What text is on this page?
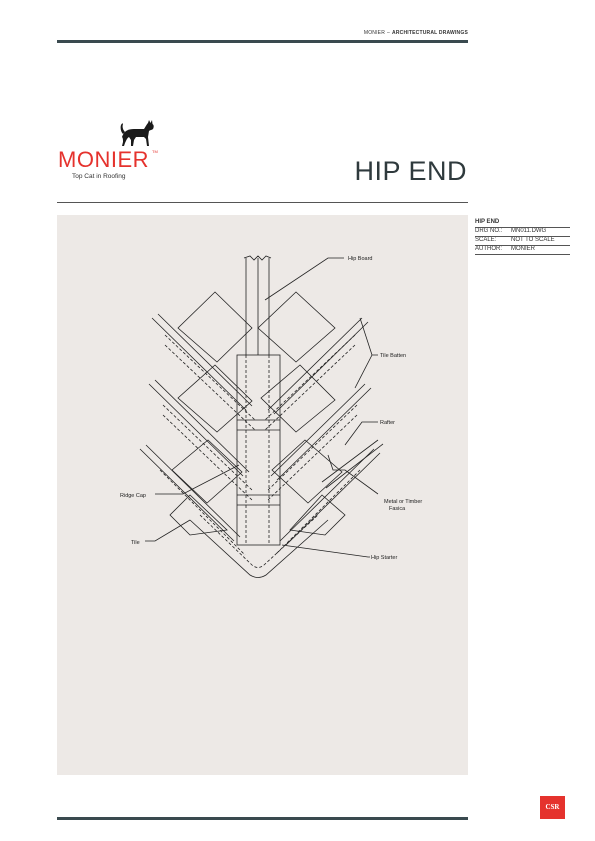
MONIER – ARCHITECTURAL DRAWINGS
MONIER TM
Top Cat in Roofing	HIP END
HIP END
DRG NO.: MN011.DWG
SCALE: NOT TO SCALE
AUTHOR: MONIER
Hip Board
Tile Batten
Rafter
Metal or Timber
Fasica
Ridge Cap
Tile
Hip Starter
CSR
